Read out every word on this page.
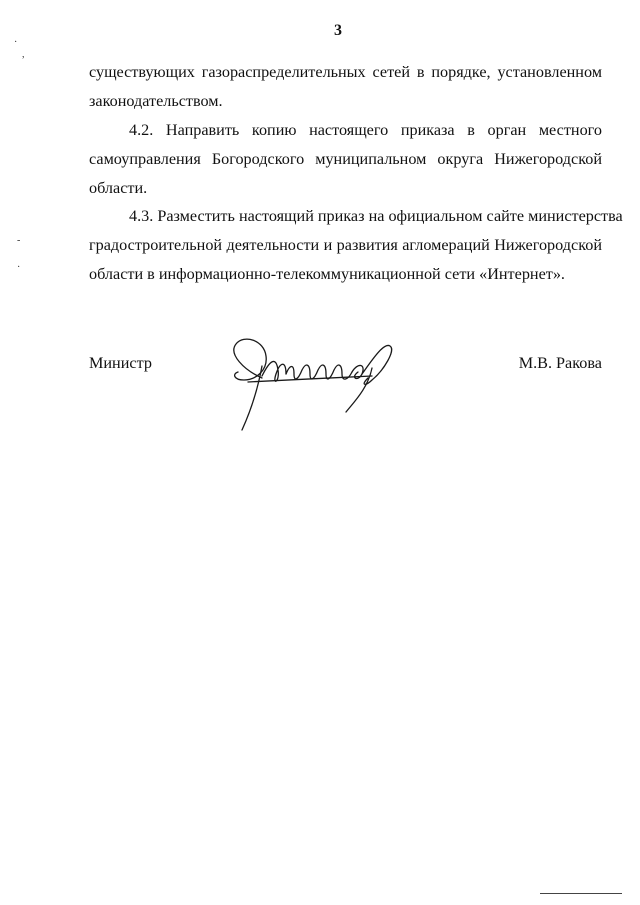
3

существующих газораспределительных сетей в порядке, установленном
законодательством.

4.2. Направить копию настоящего приказа в орган местного
самоуправления Богородского муниципальном округа Нижегородской
области.

4.3. Разместить настоящий приказ на официальном сайте министерства
градостроительной деятельности и развития агломераций Нижегородской
области в информационно-телекоммуникационной сети «Интернет».

Министр	М.В. Ракова
·
,
-
·
